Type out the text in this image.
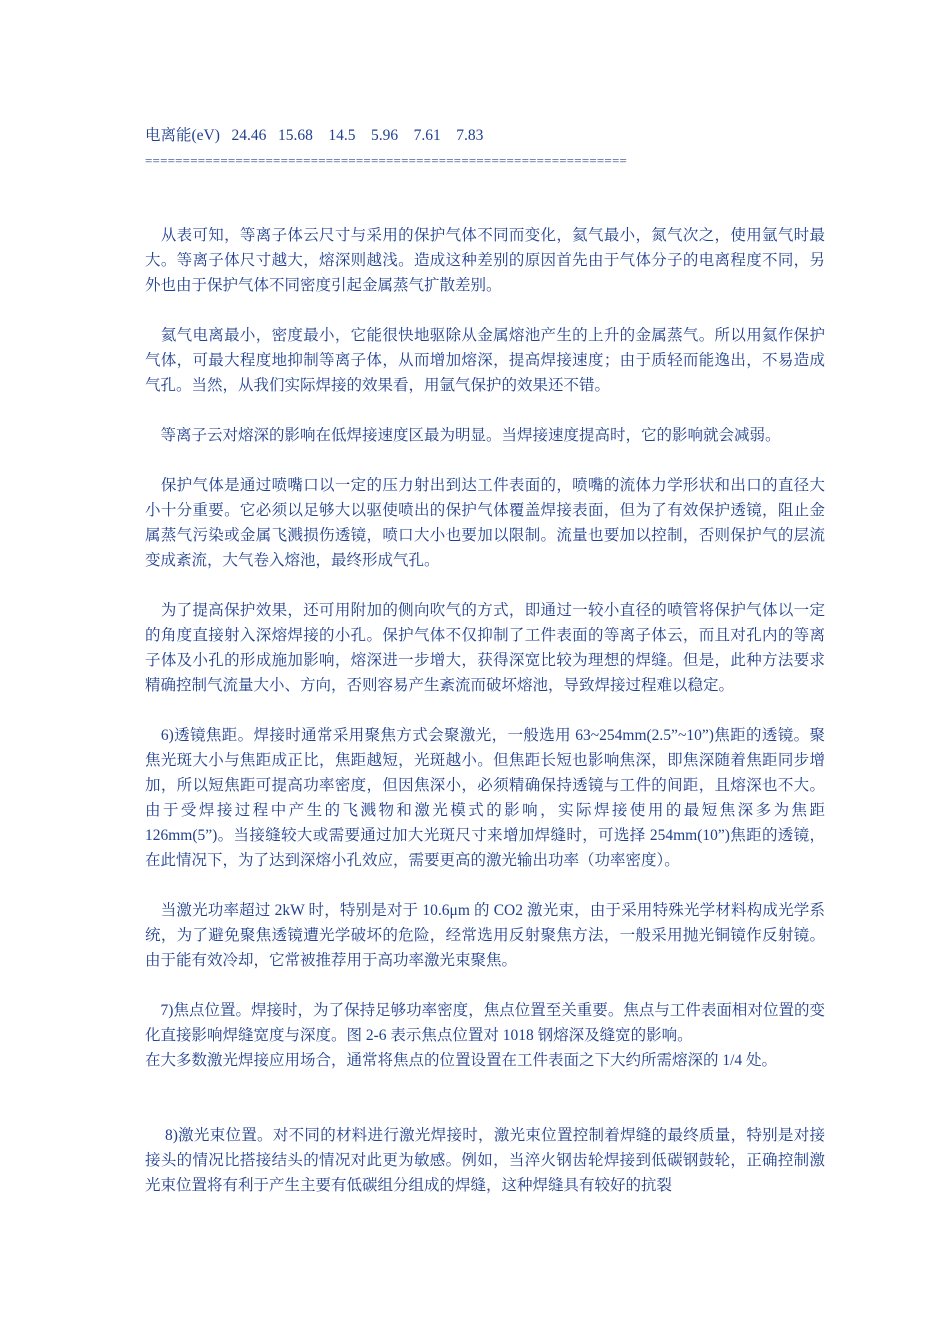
电离能(eV)   24.46   15.68    14.5    5.96    7.61    7.83
================================================================

　从表可知，等离子体云尺寸与采用的保护气体不同而变化，氦气最小，氮气次之，使用氩气时最大。等离子体尺寸越大，熔深则越浅。造成这种差别的原因首先由于气体分子的电离程度不同，另外也由于保护气体不同密度引起金属蒸气扩散差别。

　氦气电离最小，密度最小，它能很快地驱除从金属熔池产生的上升的金属蒸气。所以用氦作保护气体，可最大程度地抑制等离子体，从而增加熔深，提高焊接速度；由于质轻而能逸出，不易造成气孔。当然，从我们实际焊接的效果看，用氩气保护的效果还不错。

　等离子云对熔深的影响在低焊接速度区最为明显。当焊接速度提高时，它的影响就会减弱。

　保护气体是通过喷嘴口以一定的压力射出到达工件表面的，喷嘴的流体力学形状和出口的直径大小十分重要。它必须以足够大以驱使喷出的保护气体覆盖焊接表面，但为了有效保护透镜，阻止金属蒸气污染或金属飞溅损伤透镜，喷口大小也要加以限制。流量也要加以控制，否则保护气的层流变成紊流，大气卷入熔池，最终形成气孔。

　为了提高保护效果，还可用附加的侧向吹气的方式，即通过一较小直径的喷管将保护气体以一定的角度直接射入深熔焊接的小孔。保护气体不仅抑制了工件表面的等离子体云，而且对孔内的等离子体及小孔的形成施加影响，熔深进一步增大，获得深宽比较为理想的焊缝。但是，此种方法要求精确控制气流量大小、方向，否则容易产生紊流而破坏熔池，导致焊接过程难以稳定。

　6)透镜焦距。焊接时通常采用聚焦方式会聚激光，一般选用 63~254mm(2.5”~10”)焦距的透镜。聚焦光斑大小与焦距成正比，焦距越短，光斑越小。但焦距长短也影响焦深，即焦深随着焦距同步增加，所以短焦距可提高功率密度，但因焦深小，必须精确保持透镜与工件的间距，且熔深也不大。由于受焊接过程中产生的飞溅物和激光模式的影响，实际焊接使用的最短焦深多为焦距 126mm(5”)。当接缝较大或需要通过加大光斑尺寸来增加焊缝时，可选择 254mm(10”)焦距的透镜，在此情况下，为了达到深熔小孔效应，需要更高的激光输出功率（功率密度）。

　当激光功率超过 2kW 时，特别是对于 10.6μm 的 CO2 激光束，由于采用特殊光学材料构成光学系统，为了避免聚焦透镜遭光学破坏的危险，经常选用反射聚焦方法，一般采用抛光铜镜作反射镜。由于能有效冷却，它常被推荐用于高功率激光束聚焦。

　7)焦点位置。焊接时，为了保持足够功率密度，焦点位置至关重要。焦点与工件表面相对位置的变化直接影响焊缝宽度与深度。图 2-6 表示焦点位置对 1018 钢熔深及缝宽的影响。

在大多数激光焊接应用场合，通常将焦点的位置设置在工件表面之下大约所需熔深的 1/4 处。

　 8)激光束位置。对不同的材料进行激光焊接时，激光束位置控制着焊缝的最终质量，特别是对接接头的情况比搭接结头的情况对此更为敏感。例如，当淬火钢齿轮焊接到低碳钢鼓轮，正确控制激光束位置将有利于产生主要有低碳组分组成的焊缝，这种焊缝具有较好的抗裂
